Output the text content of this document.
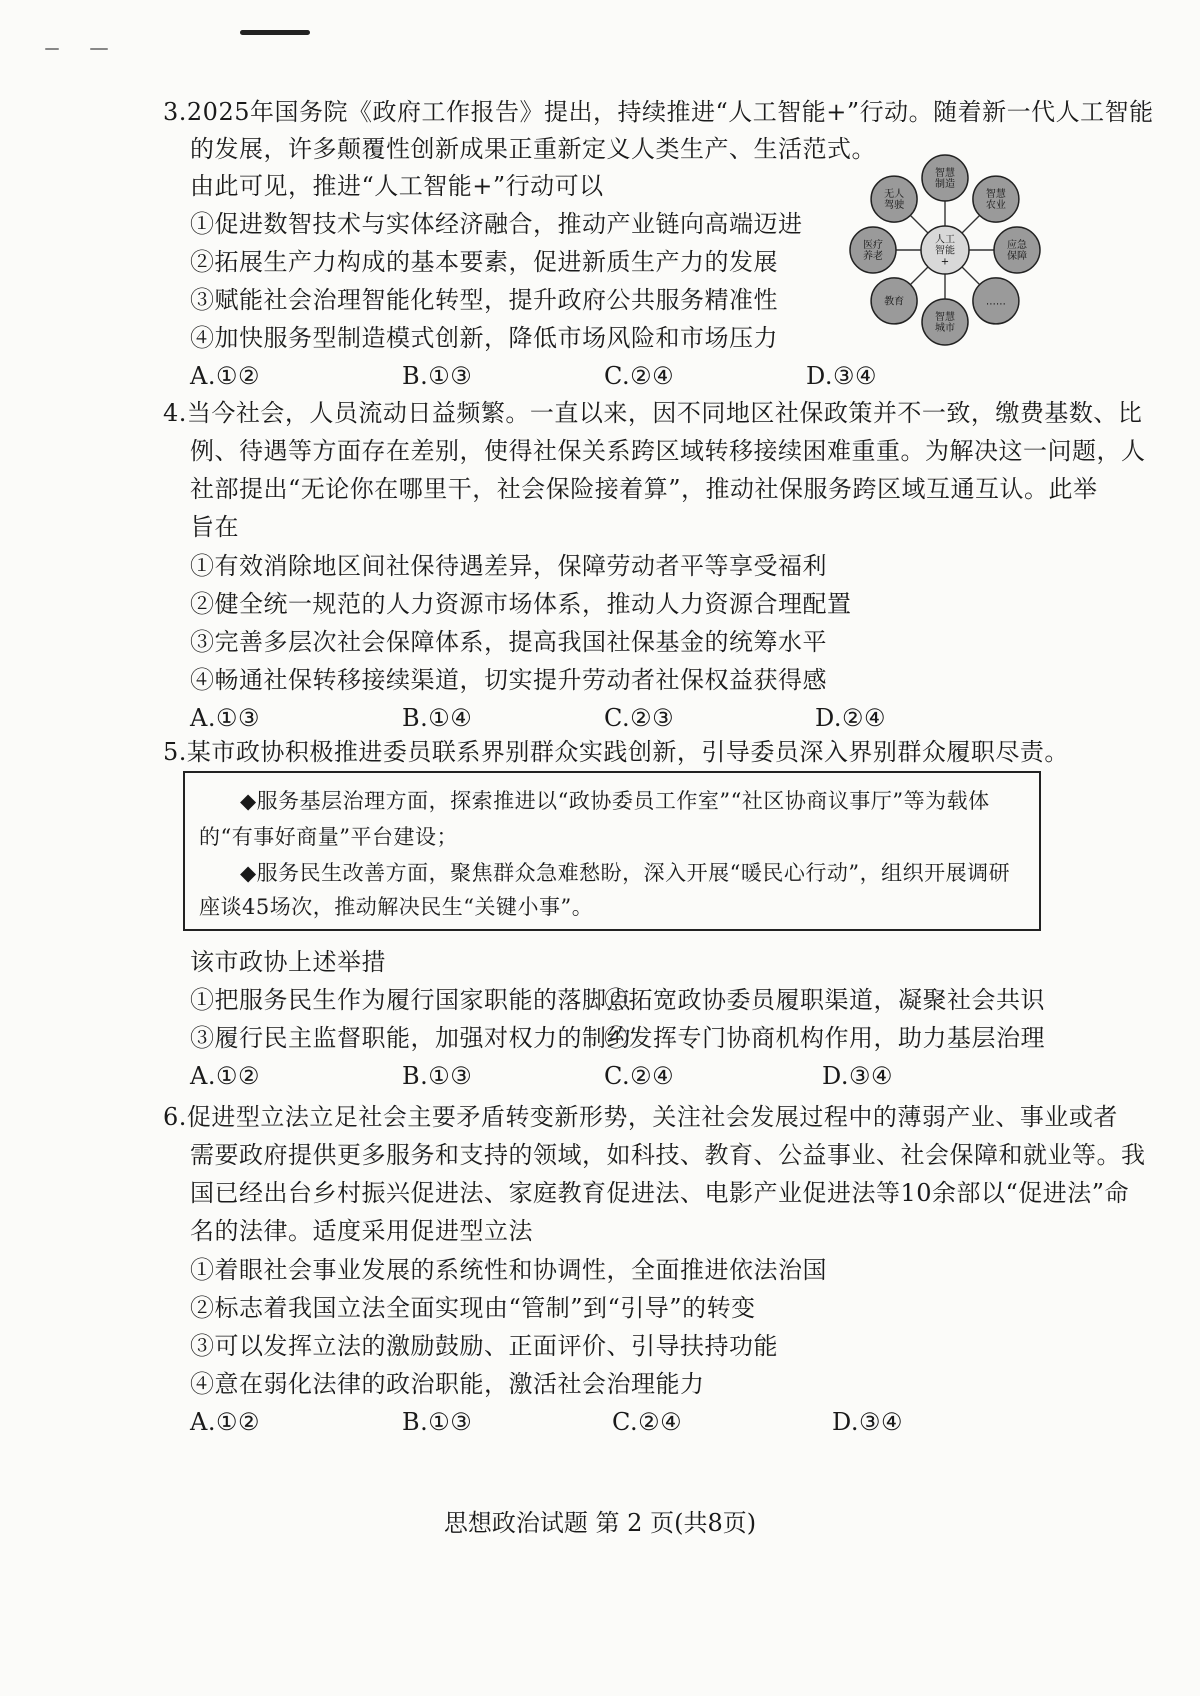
3.2025年国务院《政府工作报告》提出，持续推进“人工智能+”行动。随着新一代人工智能
的发展，许多颠覆性创新成果正重新定义人类生产、生活范式。
由此可见，推进“人工智能+”行动可以
①促进数智技术与实体经济融合，推动产业链向高端迈进
②拓展生产力构成的基本要素，促进新质生产力的发展
③赋能社会治理智能化转型，提升政府公共服务精准性
④加快服务型制造模式创新，降低市场风险和市场压力
A.①②	B.①③	C.②④	D.③④
智慧
制造
智慧
农业
应急
保障
……
智慧
城市
教育
医疗
养老
无人
驾驶
人工
智能
+
4.当今社会，人员流动日益频繁。一直以来，因不同地区社保政策并不一致，缴费基数、比
例、待遇等方面存在差别，使得社保关系跨区域转移接续困难重重。为解决这一问题，人
社部提出“无论你在哪里干，社会保险接着算”，推动社保服务跨区域互通互认。此举
旨在
①有效消除地区间社保待遇差异，保障劳动者平等享受福利
②健全统一规范的人力资源市场体系，推动人力资源合理配置
③完善多层次社会保障体系，提高我国社保基金的统筹水平
④畅通社保转移接续渠道，切实提升劳动者社保权益获得感
A.①③	B.①④	C.②③	D.②④
5.某市政协积极推进委员联系界别群众实践创新，引导委员深入界别群众履职尽责。
◆服务基层治理方面，探索推进以“政协委员工作室”“社区协商议事厅”等为载体
的“有事好商量”平台建设；
◆服务民生改善方面，聚焦群众急难愁盼，深入开展“暖民心行动”，组织开展调研
座谈45场次，推动解决民生“关键小事”。
该市政协上述举措
①把服务民生作为履行国家职能的落脚点
②拓宽政协委员履职渠道，凝聚社会共识
③履行民主监督职能，加强对权力的制约
④发挥专门协商机构作用，助力基层治理
A.①②	B.①③	C.②④	D.③④
6.促进型立法立足社会主要矛盾转变新形势，关注社会发展过程中的薄弱产业、事业或者
需要政府提供更多服务和支持的领域，如科技、教育、公益事业、社会保障和就业等。我
国已经出台乡村振兴促进法、家庭教育促进法、电影产业促进法等10余部以“促进法”命
名的法律。适度采用促进型立法
①着眼社会事业发展的系统性和协调性，全面推进依法治国
②标志着我国立法全面实现由“管制”到“引导”的转变
③可以发挥立法的激励鼓励、正面评价、引导扶持功能
④意在弱化法律的政治职能，激活社会治理能力
A.①②	B.①③	C.②④	D.③④
思想政治试题 第 2 页(共8页)
